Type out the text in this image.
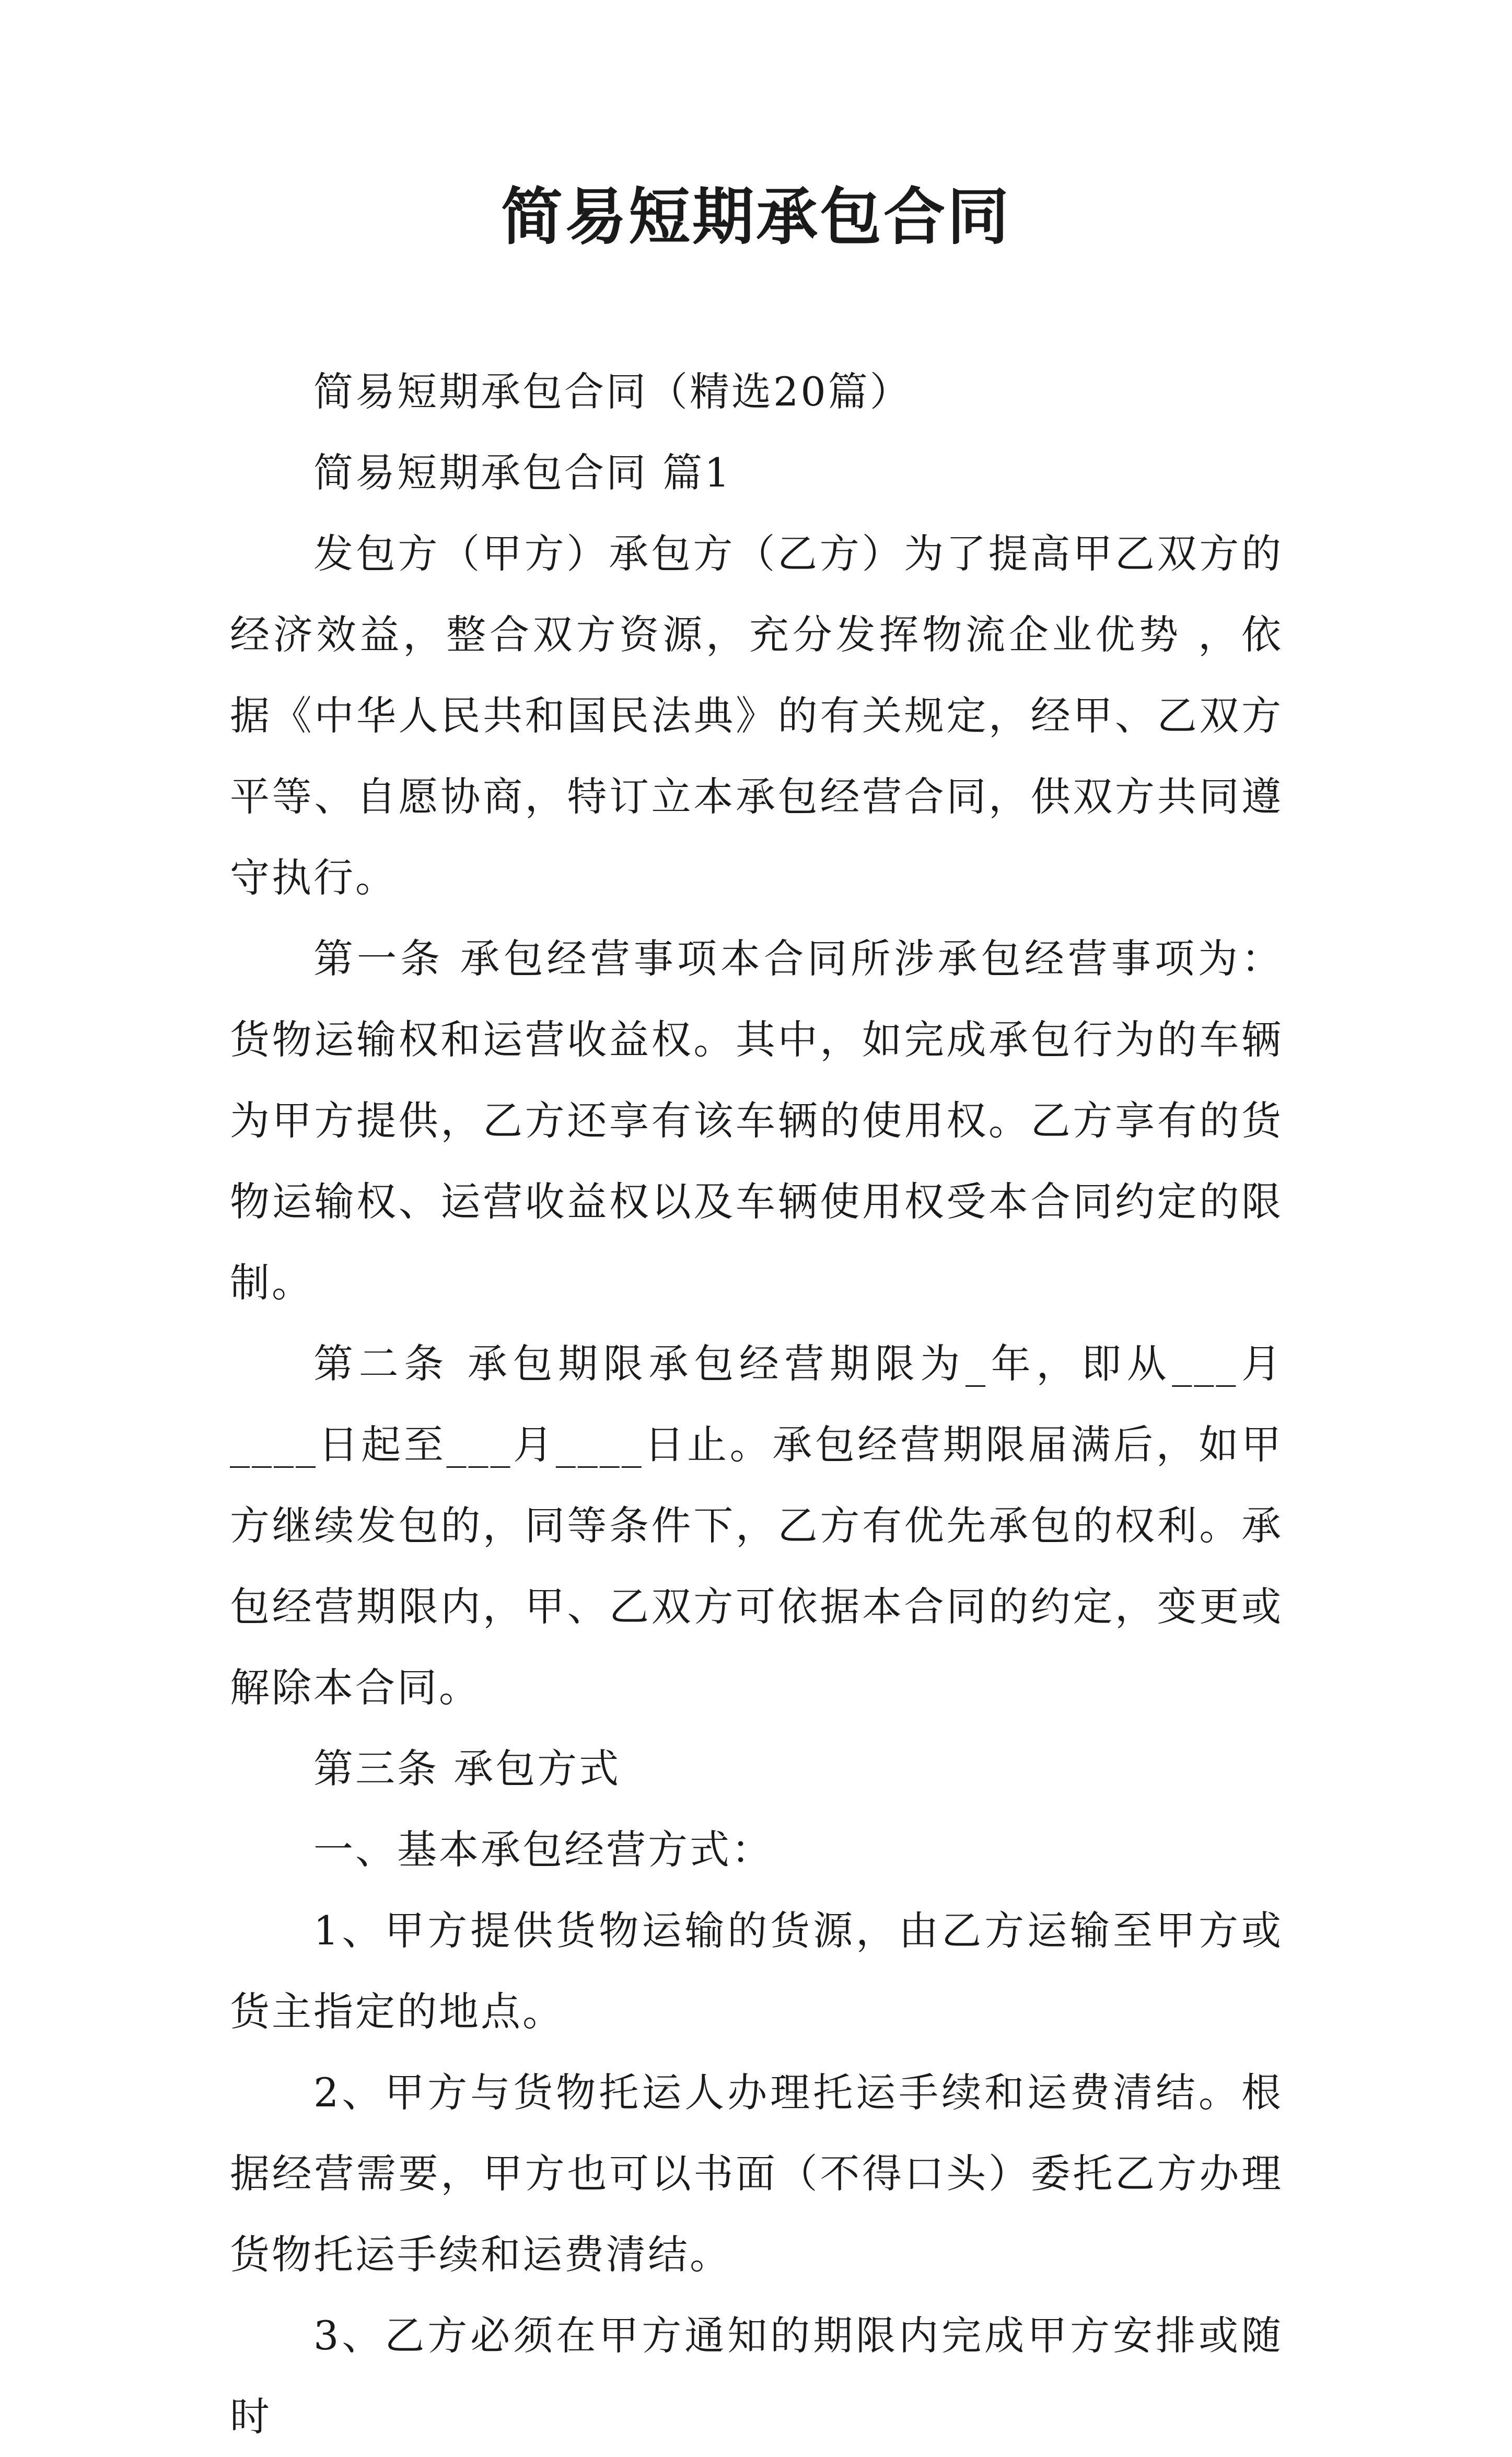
简易短期承包合同

简易短期承包合同（精选20篇）

简易短期承包合同 篇1

发包方（甲方）承包方（乙方）为了提高甲乙双方的经济效益，整合双方资源，充分发挥物流企业优势 ，依据《中华人民共和国民法典》的有关规定，经甲、乙双方平等、自愿协商，特订立本承包经营合同，供双方共同遵守执行。

第一条 承包经营事项本合同所涉承包经营事项为：货物运输权和运营收益权。其中，如完成承包行为的车辆为甲方提供，乙方还享有该车辆的使用权。乙方享有的货物运输权、运营收益权以及车辆使用权受本合同约定的限制。

第二条 承包期限承包经营期限为_年，即从___月____日起至___月____日止。承包经营期限届满后，如甲方继续发包的，同等条件下，乙方有优先承包的权利。承包经营期限内，甲、乙双方可依据本合同的约定，变更或解除本合同。

第三条 承包方式

一、基本承包经营方式：

1、甲方提供货物运输的货源，由乙方运输至甲方或货主指定的地点。

2、甲方与货物托运人办理托运手续和运费清结。根据经营需要，甲方也可以书面（不得口头）委托乙方办理货物托运手续和运费清结。

3、乙方必须在甲方通知的期限内完成甲方安排或随时
